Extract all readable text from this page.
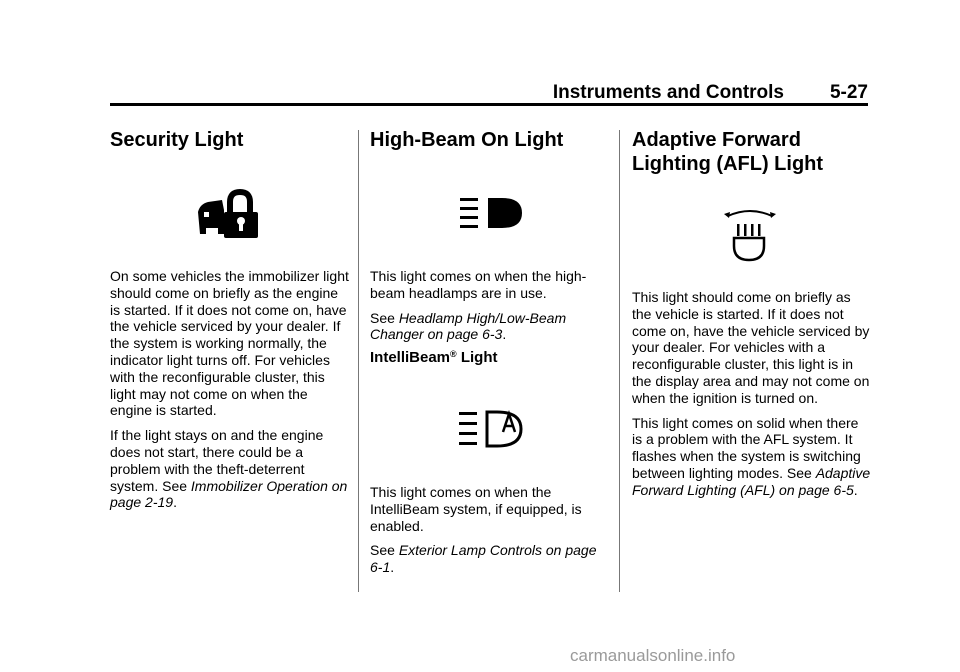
Instruments and Controls 5-27
Security Light

On some vehicles the immobilizer light should come on briefly as the engine is started. If it does not come on, have the vehicle serviced by your dealer. If the system is working normally, the indicator light turns off. For vehicles with the reconfigurable cluster, this light may not come on when the engine is started.

If the light stays on and the engine does not start, there could be a problem with the theft-deterrent system. See Immobilizer Operation on page 2-19.

High-Beam On Light

This light comes on when the high-beam headlamps are in use.

See Headlamp High/Low-Beam Changer on page 6-3.

IntelliBeam® Light

This light comes on when the IntelliBeam system, if equipped, is enabled.

See Exterior Lamp Controls on page 6-1.

Adaptive Forward
Lighting (AFL) Light

This light should come on briefly as the vehicle is started. If it does not come on, have the vehicle serviced by your dealer. For vehicles with a reconfigurable cluster, this light is in the display area and may not come on when the ignition is turned on.

This light comes on solid when there is a problem with the AFL system. It flashes when the system is switching between lighting modes. See Adaptive Forward Lighting (AFL) on page 6-5.

carmanualsonline.info
